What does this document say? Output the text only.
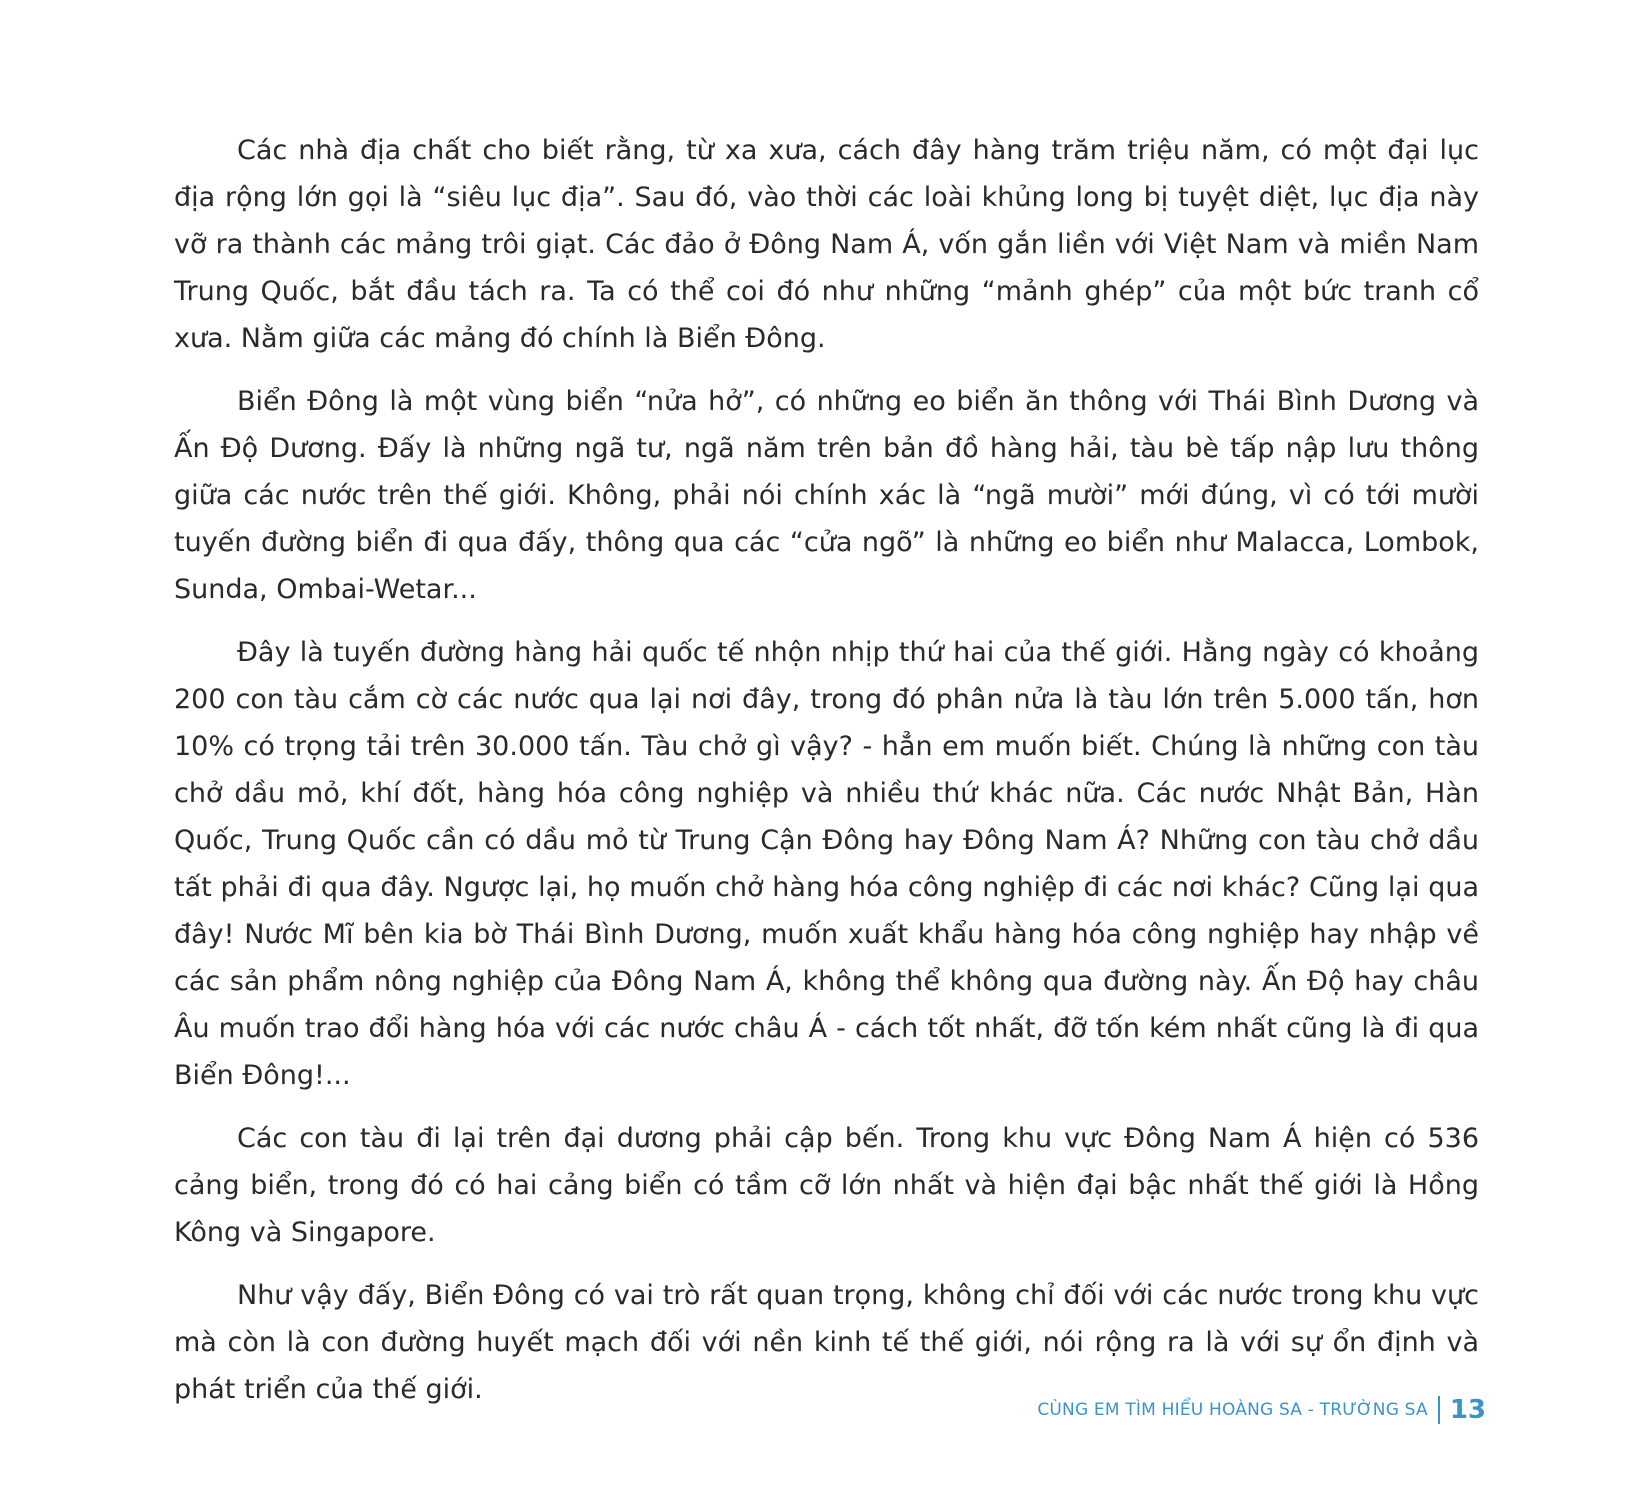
Các nhà địa chất cho biết rằng, từ xa xưa, cách đây hàng trăm triệu năm, có một đại lục địa rộng lớn gọi là “siêu lục địa”. Sau đó, vào thời các loài khủng long bị tuyệt diệt, lục địa này vỡ ra thành các mảng trôi giạt. Các đảo ở Đông Nam Á, vốn gắn liền với Việt Nam và miền Nam Trung Quốc, bắt đầu tách ra. Ta có thể coi đó như những “mảnh ghép” của một bức tranh cổ xưa. Nằm giữa các mảng đó chính là Biển Đông.

Biển Đông là một vùng biển “nửa hở”, có những eo biển ăn thông với Thái Bình Dương và Ấn Độ Dương. Đấy là những ngã tư, ngã năm trên bản đồ hàng hải, tàu bè tấp nập lưu thông giữa các nước trên thế giới. Không, phải nói chính xác là “ngã mười” mới đúng, vì có tới mười tuyến đường biển đi qua đấy, thông qua các “cửa ngõ” là những eo biển như Malacca, Lombok, Sunda, Ombai-Wetar...

Đây là tuyến đường hàng hải quốc tế nhộn nhịp thứ hai của thế giới. Hằng ngày có khoảng 200 con tàu cắm cờ các nước qua lại nơi đây, trong đó phân nửa là tàu lớn trên 5.000 tấn, hơn 10% có trọng tải trên 30.000 tấn. Tàu chở gì vậy? - hẳn em muốn biết. Chúng là những con tàu chở dầu mỏ, khí đốt, hàng hóa công nghiệp và nhiều thứ khác nữa. Các nước Nhật Bản, Hàn Quốc, Trung Quốc cần có dầu mỏ từ Trung Cận Đông hay Đông Nam Á? Những con tàu chở dầu tất phải đi qua đây. Ngược lại, họ muốn chở hàng hóa công nghiệp đi các nơi khác? Cũng lại qua đây! Nước Mĩ bên kia bờ Thái Bình Dương, muốn xuất khẩu hàng hóa công nghiệp hay nhập về các sản phẩm nông nghiệp của Đông Nam Á, không thể không qua đường này. Ấn Độ hay châu Âu muốn trao đổi hàng hóa với các nước châu Á - cách tốt nhất, đỡ tốn kém nhất cũng là đi qua Biển Đông!...

Các con tàu đi lại trên đại dương phải cập bến. Trong khu vực Đông Nam Á hiện có 536 cảng biển, trong đó có hai cảng biển có tầm cỡ lớn nhất và hiện đại bậc nhất thế giới là Hồng Kông và Singapore.

Như vậy đấy, Biển Đông có vai trò rất quan trọng, không chỉ đối với các nước trong khu vực mà còn là con đường huyết mạch đối với nền kinh tế thế giới, nói rộng ra là với sự ổn định và phát triển của thế giới.

CÙNG EM TÌM HIỂU HOÀNG SA - TRƯỜNG SA 13
